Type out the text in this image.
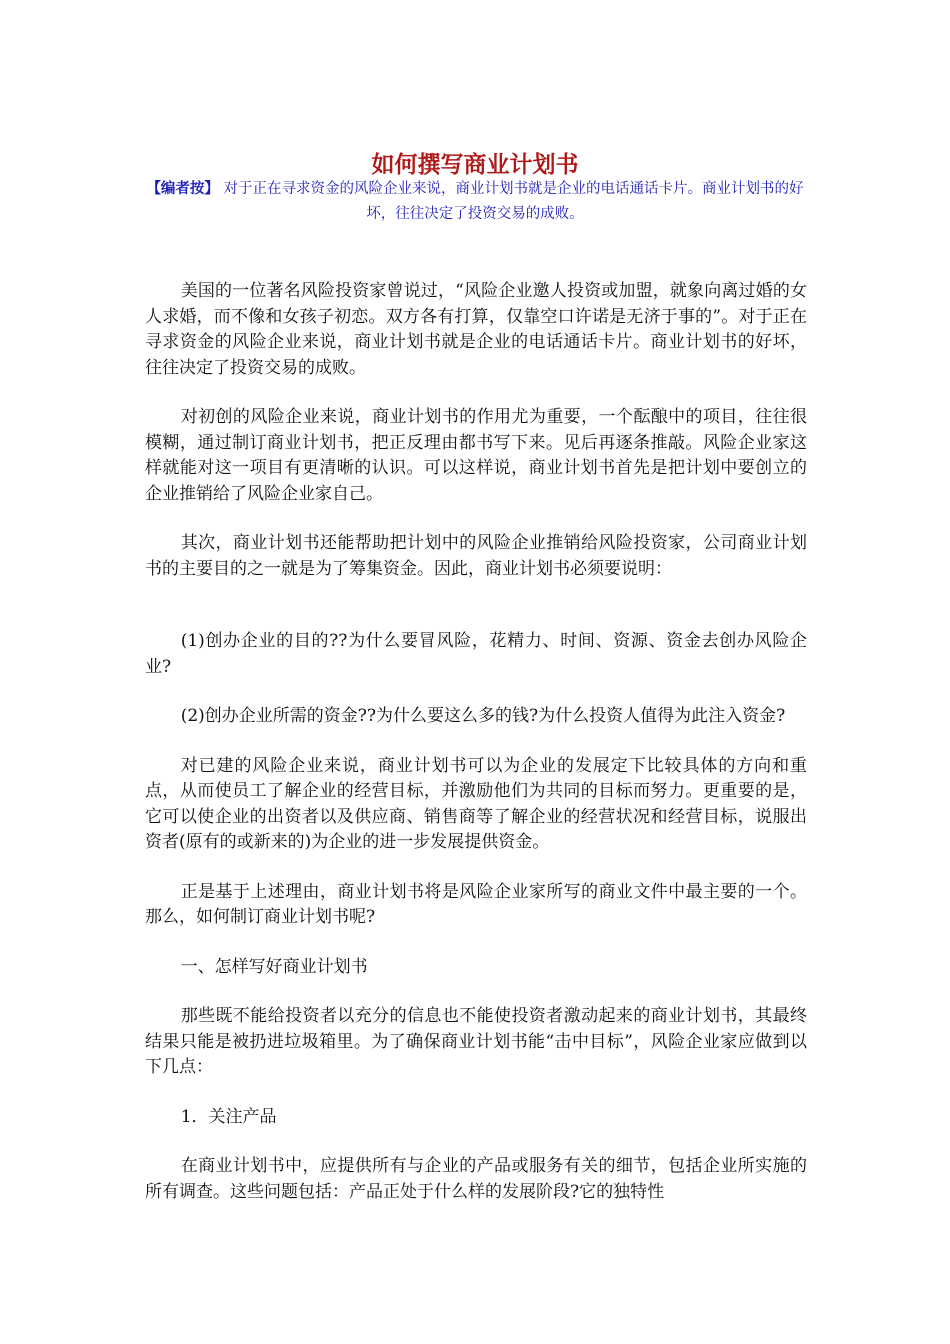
如何撰写商业计划书
【编者按】 对于正在寻求资金的风险企业来说，商业计划书就是企业的电话通话卡片。商业计划书的好坏，往往决定了投资交易的成败。

美国的一位著名风险投资家曾说过，“风险企业邀人投资或加盟，就象向离过婚的女人求婚，而不像和女孩子初恋。双方各有打算，仅靠空口许诺是无济于事的”。对于正在寻求资金的风险企业来说，商业计划书就是企业的电话通话卡片。商业计划书的好坏，往往决定了投资交易的成败。

对初创的风险企业来说，商业计划书的作用尤为重要，一个酝酿中的项目，往往很模糊，通过制订商业计划书，把正反理由都书写下来。见后再逐条推敲。风险企业家这样就能对这一项目有更清晰的认识。可以这样说，商业计划书首先是把计划中要创立的企业推销给了风险企业家自己。

其次，商业计划书还能帮助把计划中的风险企业推销给风险投资家，公司商业计划书的主要目的之一就是为了筹集资金。因此，商业计划书必须要说明：

(1)创办企业的目的??为什么要冒风险，花精力、时间、资源、资金去创办风险企业?

(2)创办企业所需的资金??为什么要这么多的钱?为什么投资人值得为此注入资金?

对已建的风险企业来说，商业计划书可以为企业的发展定下比较具体的方向和重点，从而使员工了解企业的经营目标，并激励他们为共同的目标而努力。更重要的是，它可以使企业的出资者以及供应商、销售商等了解企业的经营状况和经营目标，说服出资者(原有的或新来的)为企业的进一步发展提供资金。

正是基于上述理由，商业计划书将是风险企业家所写的商业文件中最主要的一个。那么，如何制订商业计划书呢?

一、怎样写好商业计划书

那些既不能给投资者以充分的信息也不能使投资者激动起来的商业计划书，其最终结果只能是被扔进垃圾箱里。为了确保商业计划书能“击中目标”，风险企业家应做到以下几点：

1．关注产品

在商业计划书中，应提供所有与企业的产品或服务有关的细节，包括企业所实施的所有调查。这些问题包括：产品正处于什么样的发展阶段?它的独特性
